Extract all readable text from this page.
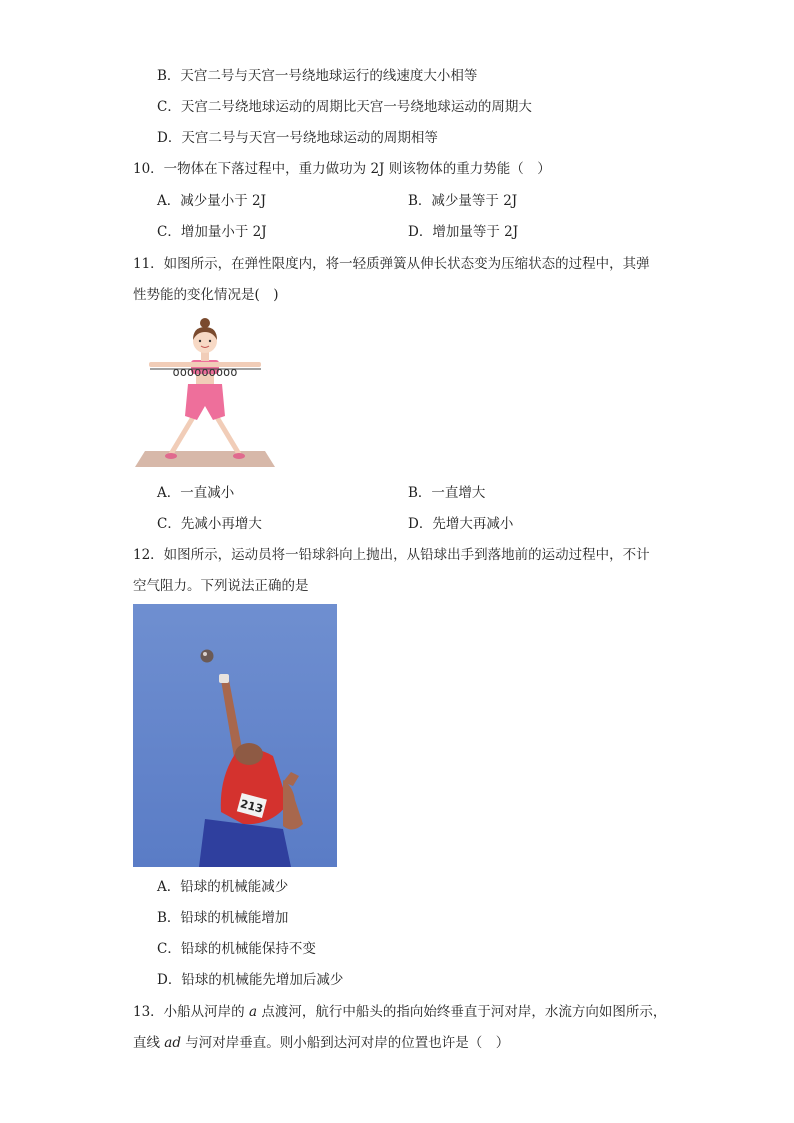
B．天宫二号与天宫一号绕地球运行的线速度大小相等
C．天宫二号绕地球运动的周期比天宫一号绕地球运动的周期大
D．天宫二号与天宫一号绕地球运动的周期相等
10．一物体在下落过程中，重力做功为 2J 则该物体的重力势能（　）
A．减少量小于 2J	B．减少量等于 2J
C．增加量小于 2J	D．增加量等于 2J
11．如图所示，在弹性限度内，将一轻质弹簧从伸长状态变为压缩状态的过程中，其弹
性势能的变化情况是(　)
ooooooooo
A．一直减小	B．一直增大
C．先减小再增大	D．先增大再减小
12．如图所示，运动员将一铅球斜向上抛出，从铅球出手到落地前的运动过程中，不计
空气阻力。下列说法正确的是
213
A．铅球的机械能减少
B．铅球的机械能增加
C．铅球的机械能保持不变
D．铅球的机械能先增加后减少
13．小船从河岸的 a 点渡河，航行中船头的指向始终垂直于河对岸，水流方向如图所示，
直线 ad 与河对岸垂直。则小船到达河对岸的位置也许是（　）
